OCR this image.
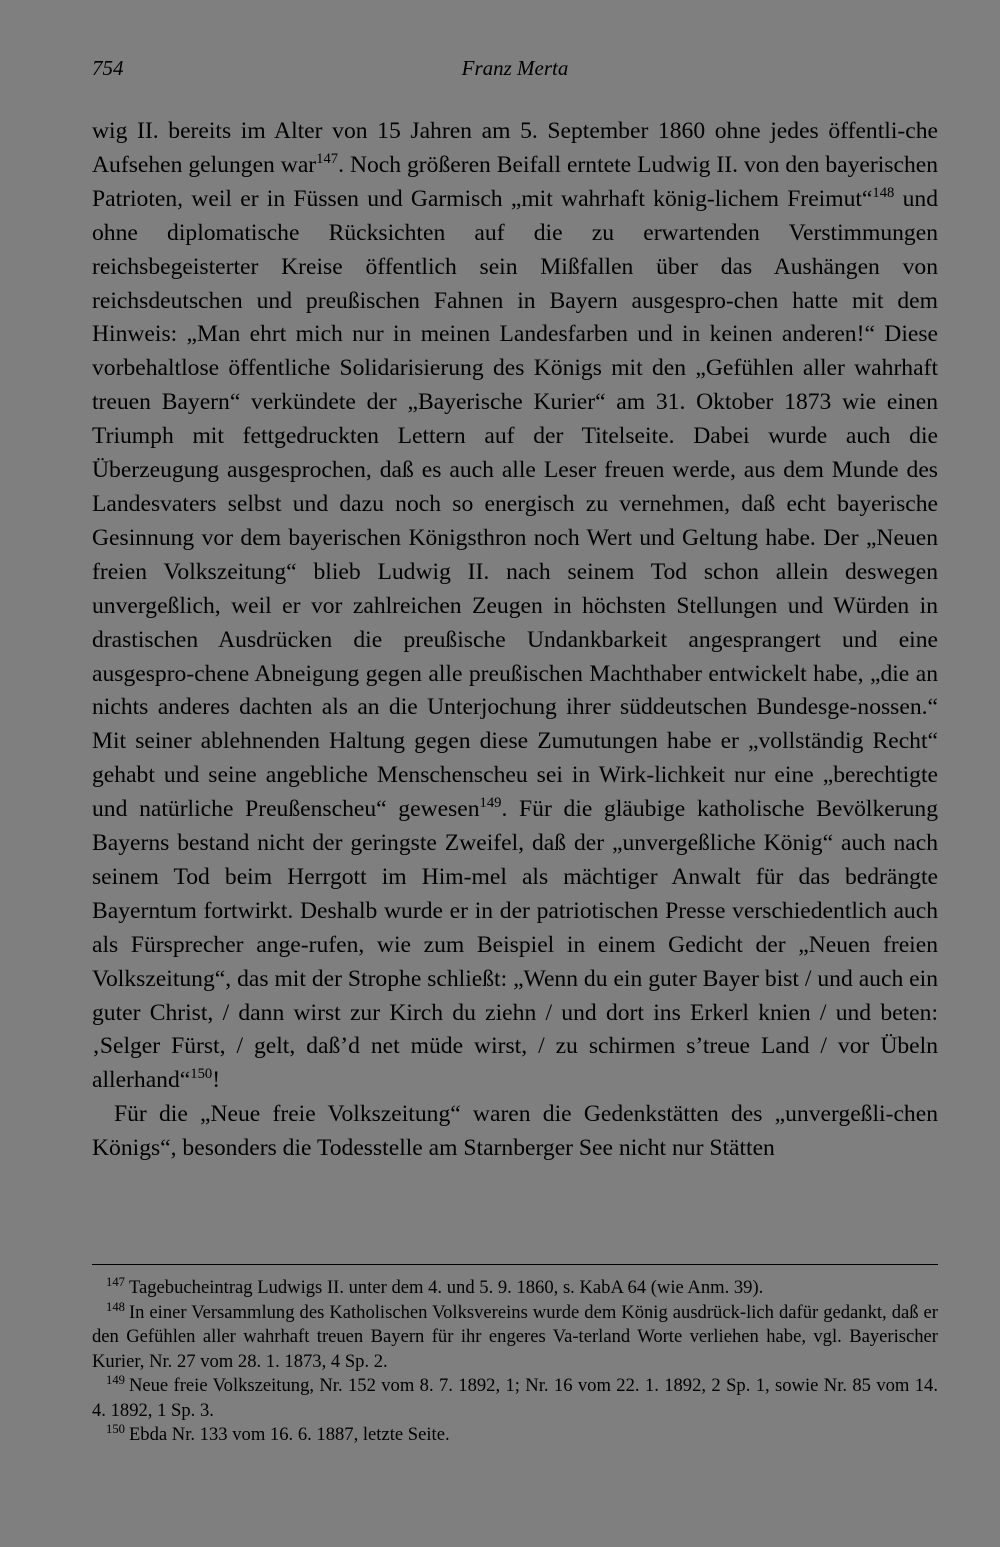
754	Franz Merta

wig II. bereits im Alter von 15 Jahren am 5. September 1860 ohne jedes öffentli-che Aufsehen gelungen war$^{147}$. Noch größeren Beifall erntete Ludwig II. von den bayerischen Patrioten, weil er in Füssen und Garmisch „mit wahrhaft könig-lichem Freimut“$^{148}$ und ohne diplomatische Rücksichten auf die zu erwartenden Verstimmungen reichsbegeisterter Kreise öffentlich sein Mißfallen über das Aushängen von reichsdeutschen und preußischen Fahnen in Bayern ausgespro-chen hatte mit dem Hinweis: „Man ehrt mich nur in meinen Landesfarben und in keinen anderen!“ Diese vorbehaltlose öffentliche Solidarisierung des Königs mit den „Gefühlen aller wahrhaft treuen Bayern“ verkündete der „Bayerische Kurier“ am 31. Oktober 1873 wie einen Triumph mit fettgedruckten Lettern auf der Titelseite. Dabei wurde auch die Überzeugung ausgesprochen, daß es auch alle Leser freuen werde, aus dem Munde des Landesvaters selbst und dazu noch so energisch zu vernehmen, daß echt bayerische Gesinnung vor dem bayerischen Königsthron noch Wert und Geltung habe. Der „Neuen freien Volkszeitung“ blieb Ludwig II. nach seinem Tod schon allein deswegen unvergeßlich, weil er vor zahlreichen Zeugen in höchsten Stellungen und Würden in drastischen Ausdrücken die preußische Undankbarkeit angesprangert und eine ausgespro-chene Abneigung gegen alle preußischen Machthaber entwickelt habe, „die an nichts anderes dachten als an die Unterjochung ihrer süddeutschen Bundesge-nossen.“ Mit seiner ablehnenden Haltung gegen diese Zumutungen habe er „vollständig Recht“ gehabt und seine angebliche Menschenscheu sei in Wirk-lichkeit nur eine „berechtigte und natürliche Preußenscheu“ gewesen$^{149}$. Für die gläubige katholische Bevölkerung Bayerns bestand nicht der geringste Zweifel, daß der „unvergeßliche König“ auch nach seinem Tod beim Herrgott im Him-mel als mächtiger Anwalt für das bedrängte Bayerntum fortwirkt. Deshalb wurde er in der patriotischen Presse verschiedentlich auch als Fürsprecher ange-rufen, wie zum Beispiel in einem Gedicht der „Neuen freien Volkszeitung“, das mit der Strophe schließt: „Wenn du ein guter Bayer bist / und auch ein guter Christ, / dann wirst zur Kirch du ziehn / und dort ins Erkerl knien / und beten: ‚Selger Fürst, / gelt, daß’d net müde wirst, / zu schirmen s’treue Land / vor Übeln allerhand“$^{150}$!

Für die „Neue freie Volkszeitung“ waren die Gedenkstätten des „unvergeßli-chen Königs“, besonders die Todesstelle am Starnberger See nicht nur Stätten

$^{147}$ Tagebucheintrag Ludwigs II. unter dem 4. und 5. 9. 1860, s. KabA 64 (wie Anm. 39).

$^{148}$ In einer Versammlung des Katholischen Volksvereins wurde dem König ausdrück-lich dafür gedankt, daß er den Gefühlen aller wahrhaft treuen Bayern für ihr engeres Va-terland Worte verliehen habe, vgl. Bayerischer Kurier, Nr. 27 vom 28. 1. 1873, 4 Sp. 2.

$^{149}$ Neue freie Volkszeitung, Nr. 152 vom 8. 7. 1892, 1; Nr. 16 vom 22. 1. 1892, 2 Sp. 1, sowie Nr. 85 vom 14. 4. 1892, 1 Sp. 3.

$^{150}$ Ebda Nr. 133 vom 16. 6. 1887, letzte Seite.
